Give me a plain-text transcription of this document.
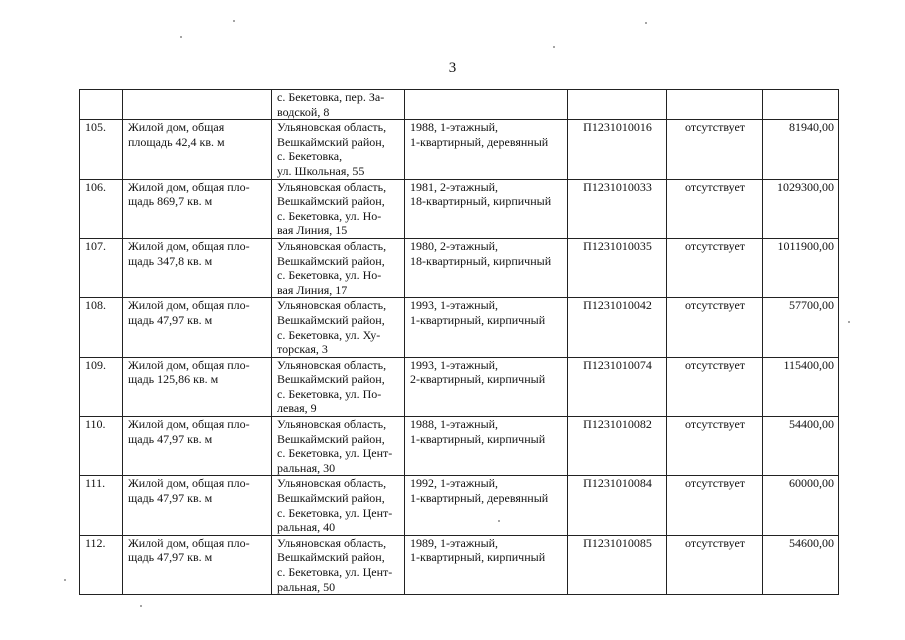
3

		с. Бекетовка, пер. За-
водской, 8				

105.	Жилой дом, общая
площадь 42,4 кв. м	Ульяновская область,
Вешкаймский район,
с. Бекетовка,
ул. Школьная, 55	1988, 1-этажный,
1-квартирный, деревянный	П1231010016	отсутствует	81940,00

106.	Жилой дом, общая пло-
щадь 869,7 кв. м	Ульяновская область,
Вешкаймский район,
с. Бекетовка, ул. Но-
вая Линия, 15	1981, 2-этажный,
18-квартирный, кирпичный	П1231010033	отсутствует	1029300,00

107.	Жилой дом, общая пло-
щадь 347,8 кв. м	Ульяновская область,
Вешкаймский район,
с. Бекетовка, ул. Но-
вая Линия, 17	1980, 2-этажный,
18-квартирный, кирпичный	П1231010035	отсутствует	1011900,00

108.	Жилой дом, общая пло-
щадь 47,97 кв. м	Ульяновская область,
Вешкаймский район,
с. Бекетовка, ул. Ху-
торская, 3	1993, 1-этажный,
1-квартирный, кирпичный	П1231010042	отсутствует	57700,00

109.	Жилой дом, общая пло-
щадь 125,86 кв. м	Ульяновская область,
Вешкаймский район,
с. Бекетовка, ул. По-
левая, 9	1993, 1-этажный,
2-квартирный, кирпичный	П1231010074	отсутствует	115400,00

110.	Жилой дом, общая пло-
щадь 47,97 кв. м	Ульяновская область,
Вешкаймский район,
с. Бекетовка, ул. Цент-
ральная, 30	1988, 1-этажный,
1-квартирный, кирпичный	П1231010082	отсутствует	54400,00

111.	Жилой дом, общая пло-
щадь 47,97 кв. м	Ульяновская область,
Вешкаймский район,
с. Бекетовка, ул. Цент-
ральная, 40	1992, 1-этажный,
1-квартирный, деревянный	П1231010084	отсутствует	60000,00

112.	Жилой дом, общая пло-
щадь 47,97 кв. м	Ульяновская область,
Вешкаймский район,
с. Бекетовка, ул. Цент-
ральная, 50	1989, 1-этажный,
1-квартирный, кирпичный	П1231010085	отсутствует	54600,00
